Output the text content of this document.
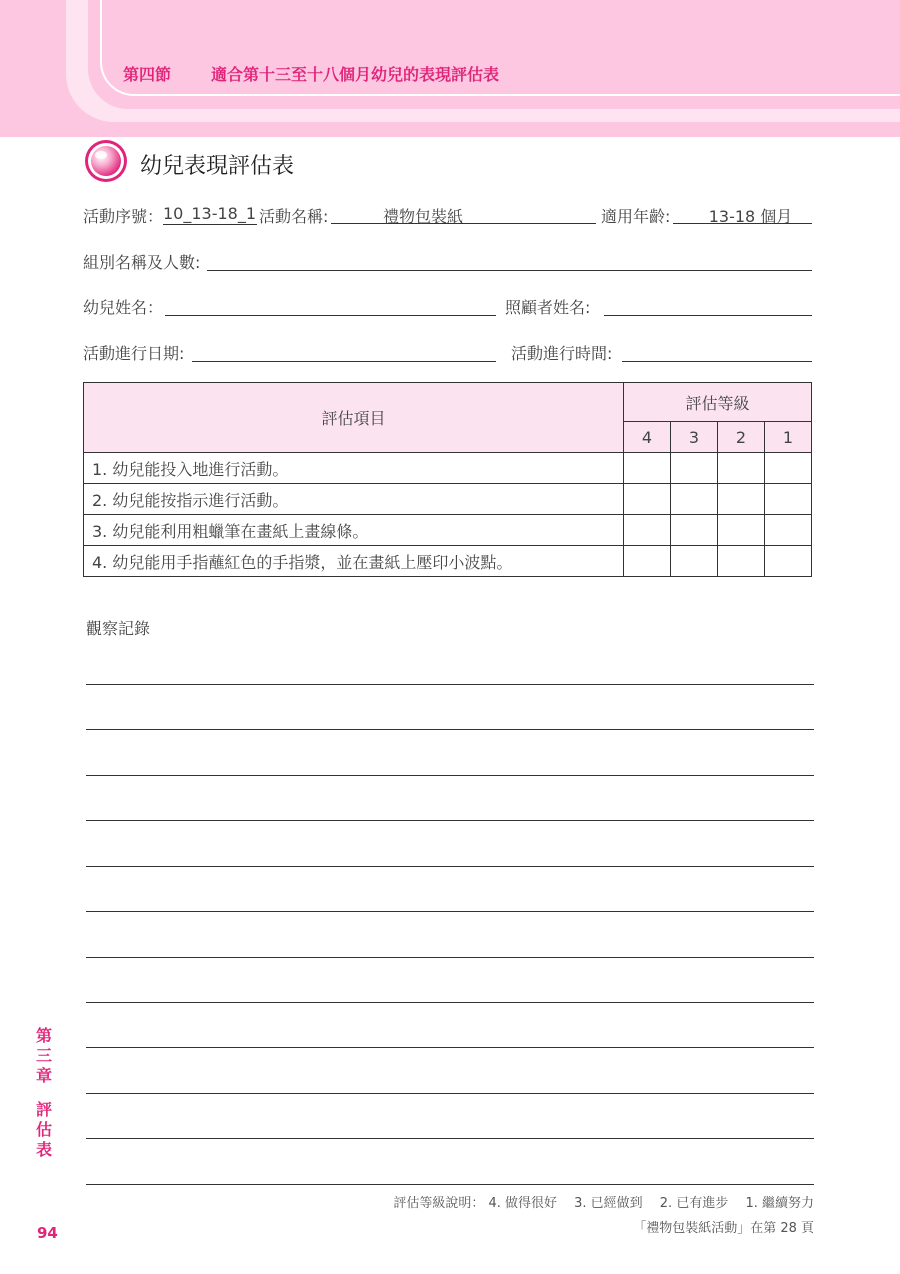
第四節 適合第十三至十八個月幼兒的表現評估表
幼兒表現評估表
活動序號： 10_13-18_1 活動名稱:	禮物包裝紙	適用年齡:	13-18 個月
組別名稱及人數:
幼兒姓名：	照顧者姓名:
活動進行日期:	活動進行時間:
評估項目	評估等級			
	4	3	2	1
1. 幼兒能投入地進行活動。				
2. 幼兒能按指示進行活動。				
3. 幼兒能利用粗蠟筆在畫紙上畫線條。				
4. 幼兒能用手指蘸紅色的手指漿，並在畫紙上壓印小波點。				
觀察記錄
第
三
章
評
估
表
94
評估等級說明： 4. 做得很好　 3. 已經做到　 2. 已有進步　 1. 繼續努力
「禮物包裝紙活動」在第 28 頁
